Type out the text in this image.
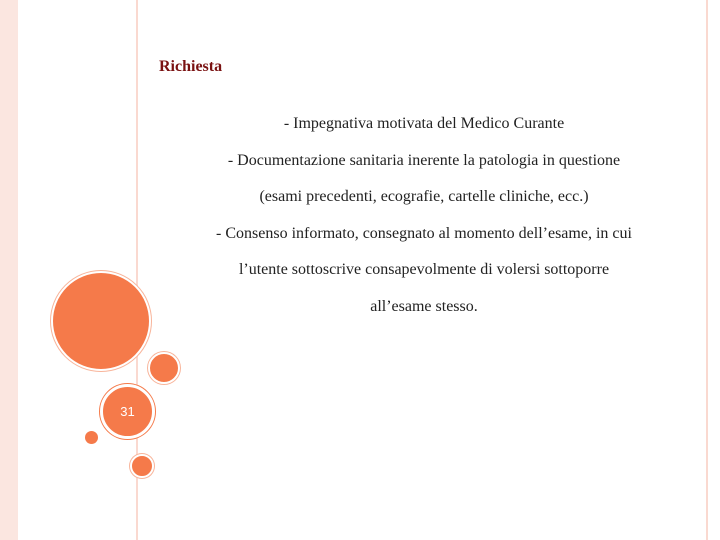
31
Richiesta

- Impegnativa motivata del Medico Curante

- Documentazione sanitaria inerente la patologia in questione

(esami precedenti, ecografie, cartelle cliniche, ecc.)

- Consenso informato, consegnato al momento dell’esame, in cui

l’utente sottoscrive consapevolmente di volersi sottoporre

all’esame stesso.
